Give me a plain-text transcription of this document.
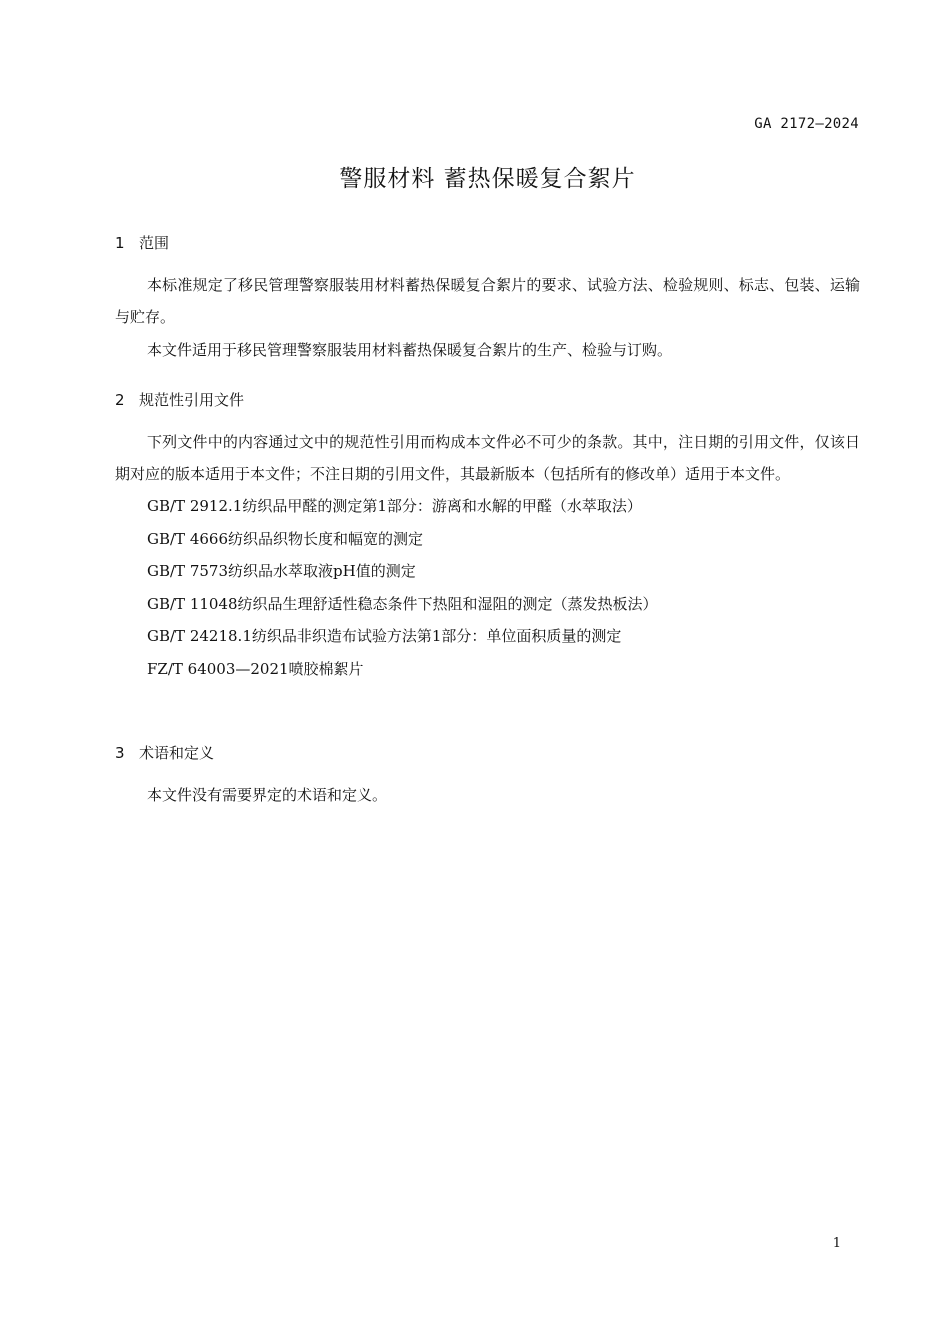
GA 2172—2024
警服材料 蓄热保暖复合絮片
1 范围

本标准规定了移民管理警察服装用材料蓄热保暖复合絮片的要求、试验方法、检验规则、标志、包装、运输与贮存。

本文件适用于移民管理警察服装用材料蓄热保暖复合絮片的生产、检验与订购。

2 规范性引用文件

下列文件中的内容通过文中的规范性引用而构成本文件必不可少的条款。其中，注日期的引用文件，仅该日期对应的版本适用于本文件；不注日期的引用文件，其最新版本（包括所有的修改单）适用于本文件。

GB/T 2912.1纺织品甲醛的测定第1部分：游离和水解的甲醛（水萃取法）
GB/T 4666纺织品织物长度和幅宽的测定
GB/T 7573纺织品水萃取液pH值的测定
GB/T 11048纺织品生理舒适性稳态条件下热阻和湿阻的测定（蒸发热板法）
GB/T 24218.1纺织品非织造布试验方法第1部分：单位面积质量的测定
FZ/T 64003—2021喷胶棉絮片
3 术语和定义

本文件没有需要界定的术语和定义。

1
